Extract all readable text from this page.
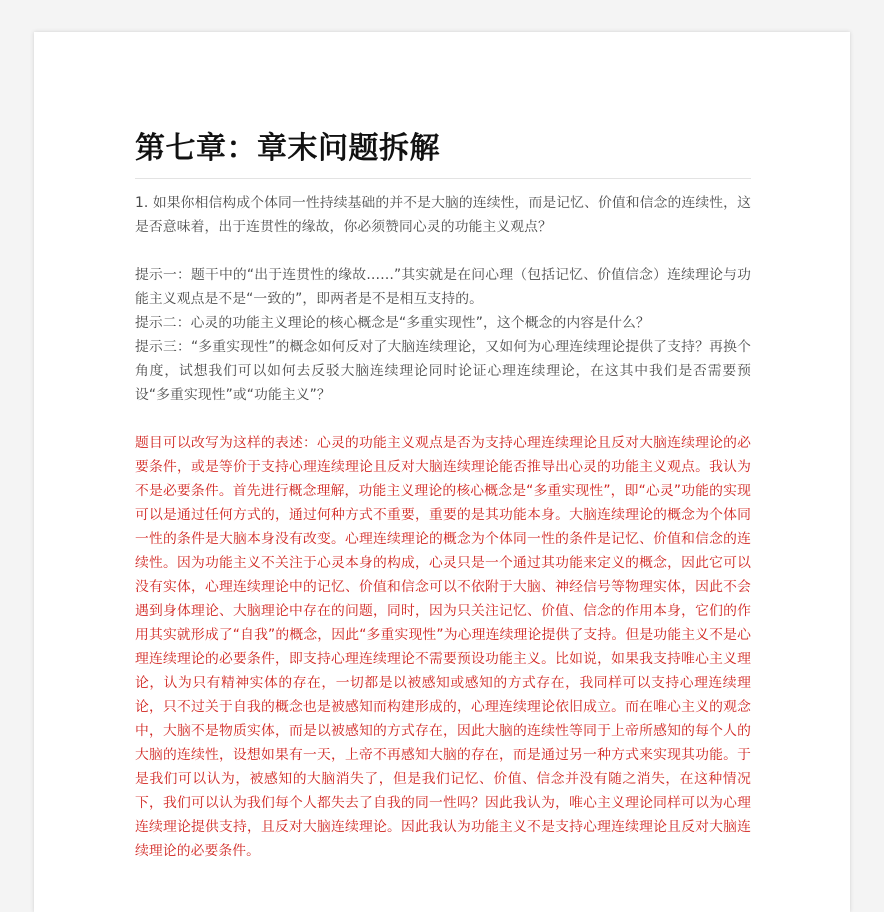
第七章：章末问题拆解

1. 如果你相信构成个体同一性持续基础的并不是大脑的连续性，而是记忆、价值和信念的连续性，这是否意味着，出于连贯性的缘故，你必须赞同心灵的功能主义观点？

提示一：题干中的“出于连贯性的缘故……”其实就是在问心理（包括记忆、价值信念）连续理论与功能主义观点是不是“一致的”，即两者是不是相互支持的。

提示二：心灵的功能主义理论的核心概念是“多重实现性”，这个概念的内容是什么？

提示三：“多重实现性”的概念如何反对了大脑连续理论，又如何为心理连续理论提供了支持？再换个角度，试想我们可以如何去反驳大脑连续理论同时论证心理连续理论，在这其中我们是否需要预设“多重实现性”或“功能主义”？

题目可以改写为这样的表述：心灵的功能主义观点是否为支持心理连续理论且反对大脑连续理论的必要条件，或是等价于支持心理连续理论且反对大脑连续理论能否推导出心灵的功能主义观点。我认为不是必要条件。首先进行概念理解，功能主义理论的核心概念是“多重实现性”，即“心灵”功能的实现可以是通过任何方式的，通过何种方式不重要，重要的是其功能本身。大脑连续理论的概念为个体同一性的条件是大脑本身没有改变。心理连续理论的概念为个体同一性的条件是记忆、价值和信念的连续性。因为功能主义不关注于心灵本身的构成，心灵只是一个通过其功能来定义的概念，因此它可以没有实体，心理连续理论中的记忆、价值和信念可以不依附于大脑、神经信号等物理实体，因此不会遇到身体理论、大脑理论中存在的问题，同时，因为只关注记忆、价值、信念的作用本身，它们的作用其实就形成了“自我”的概念，因此“多重实现性”为心理连续理论提供了支持。但是功能主义不是心理连续理论的必要条件，即支持心理连续理论不需要预设功能主义。比如说，如果我支持唯心主义理论，认为只有精神实体的存在，一切都是以被感知或感知的方式存在，我同样可以支持心理连续理论，只不过关于自我的概念也是被感知而构建形成的，心理连续理论依旧成立。而在唯心主义的观念中，大脑不是物质实体，而是以被感知的方式存在，因此大脑的连续性等同于上帝所感知的每个人的大脑的连续性，设想如果有一天，上帝不再感知大脑的存在，而是通过另一种方式来实现其功能。于是我们可以认为，被感知的大脑消失了，但是我们记忆、价值、信念并没有随之消失，在这种情况下，我们可以认为我们每个人都失去了自我的同一性吗？因此我认为，唯心主义理论同样可以为心理连续理论提供支持，且反对大脑连续理论。因此我认为功能主义不是支持心理连续理论且反对大脑连续理论的必要条件。
